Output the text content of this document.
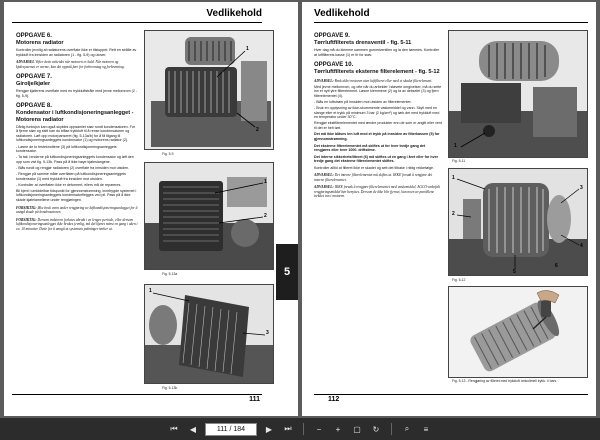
Vedlikehold
OPPGAVE 6.
Motorens radiator
Kontroller jevnlig at radiatorens overflate ikke er tilstoppet. Rett en strålle av trykkluft fra innsiden av radiatoren (1 - fig. 5-9) og utover.
ADVARSEL Vifter dette arbeidet når motoren er kald. Når motoren og kjølesystemet er varme, kan det oppstå fare for forbrenning og forbrenning.
OPPGAVE 7.
Girolje/kjøler
Rengjør kjølerens overflate med en trykkluftstråle med jevne mellomrom (2 - fig. 5-9).
OPPGAVE 8.
Kondensator i luftkondisjoneringsanlegget - Motorens radiator
Dårlig funksjon kan også skyldes oppsamlet støv rundt kondensatoren. For å fjerne støv og skitt kan du blåse trykkluft til å rense kondensatoren og radiatoren. Løft opp motorpanseret (fig. 5-13a/b) for å få tilgang til luftkondisjoneringsanleggets kondensator (1) og motorens radiator (2).
- Løsne de to festeknottene (3) på luftkondisjoneringsanleggets kondensator.
- Ta tak i enderne på luftkondisjoneringsanleggets kondensator og løft den opp som vist fig. 5-13b. Pass på å ikke bøye kjøleslangene.
- Blås rundt og rengjør radiatoren (2) overflate fra innsiden mot utsiden.
- Rengjør på samme måte overflaten på luftkondisjoneringsanleggets kondensator (1) med trykkluft fra innsiden mot utsiden.
- Kontroller at overflaten ikke er deformert, ellers må de repareres.
Bli kjent i umiddelbar tidspunkt for gjennomstrømning, innebygde systemet i luftkondisjoneringsanleggets kondensatorflegges ved pil. Pass på å ikke skade kjølelamellene under rengjøringen.
FORSIKTIG: Ikke bruk vann under rengjøring av luftkondisjoneringsanlegget for å unngå skade på kondensatoren.
FORSIKTIG: Dersom traktoren forlates ubrukt i en lengre periode, eller dersom luftkondisjoneringsanlegget ikke brukes jevnlig, må det kjøres minst en gang i uken i ca. 10 minutter. Dette for å unngå at systemets pakninger tørker ut.
1
2
Fig. 5-9
1
2
Fig. 5-13a
1
3
Fig. 5-13b
5
111
Vedlikehold
OPPGAVE 9.
Tørrluftfilterets drensventil - fig. 5-11
Hver dag må du klemme sammen gummiventilen og la den tømmes. Kontroller at luftfilterets kasse (1) er fri for støv.
OPPGAVE 10.
Tørrluftfilterets eksterne filterelement - fig. 5-12
ADVARSEL: Bruk aldri motoren uten luftfilteret eller med et skadet filterelement.
Med jevne mellomrom, og ofte når du arbeider i støvete omgivelser, må du sette inn et nytt ytre filterelement. Løsne klemmene (2) og ta av dekselet (3) og fjern filterelementet (4).
- Blås en luftstrøm på innsiden mot utsiden av filterelementet.
- Bruk en opplysning av ikke-skummende vaskemiddel og vann. Skyll med en slange eller et trykk på minimum 3 bar (2 kg/cm²) og tørk det med trykkluft med en temperatur under 30°C.
Rengjør ekstfilterelementet med ændre produkter enn de som er angitt eller vent til det er helt tørt.
Det må ikke blåses inn luft med et trykk på innsiden av filterkassen (5) for gjennomstrømning.
Det eksterne filterelementet må skiftes ut for hver tredje gang det rengjøres eller hver 1000. driftstime.
Det interne sikkerhetsfilteret (6) må skiftes ut en gang i året eller for hver tredje gang det eksterne filterelementet skiftes.
Kontroller alltid at filteret ikke er skadet og sett det tilbake i riktig rekkefølge.
ADVARSEL: Det interne filterelementet må skiftes ut. IKKE forsøk å rengjøre det interne filterelementet.
ADVARSEL: IKKE forsøk å rengjøre filterelementet med vaskemiddel, AGCO-anbefalt rengjøringsmiddel bør benyttes. Dersom de ikke blir fjernet, kan noen av partiklene trekkes inn i motoren.
1
Fig. 5-11
1
2
3
4
5
6
Fig. 5-12
Fig. 5-13 - Rengjøring av filteret med trykkluft omkolimeli trykk: 4 bars.
112
⏮	◀	111 / 184	▶	⏭	−	+	▢	↻	⌕	≡
